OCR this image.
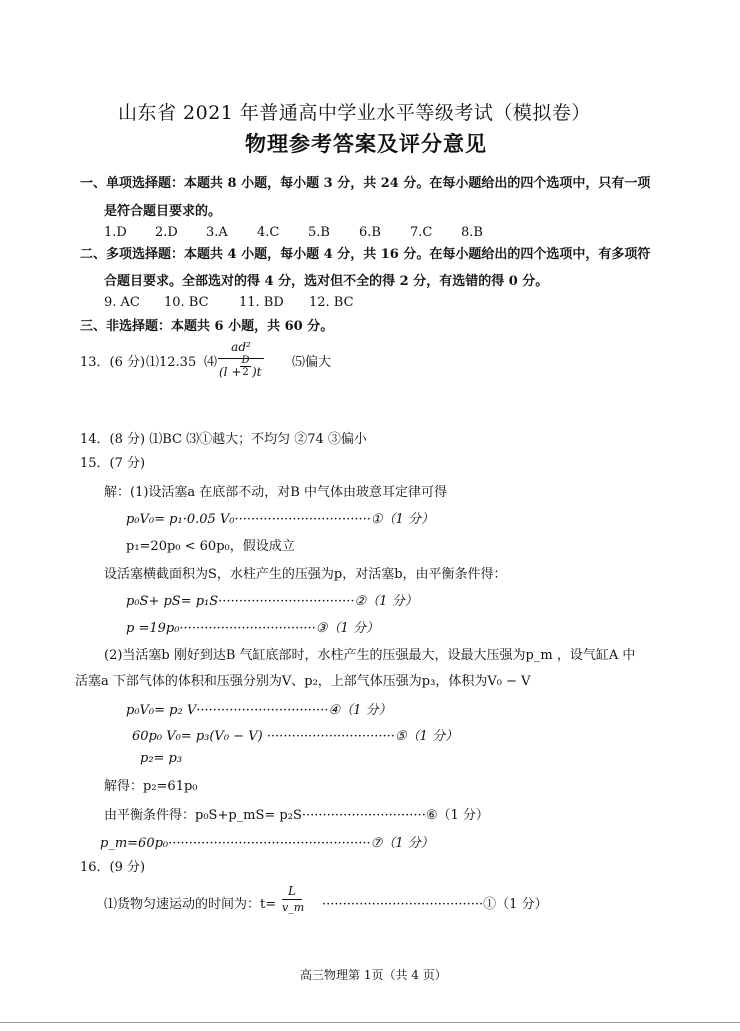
山东省 2021 年普通高中学业水平等级考试（模拟卷）
物理参考答案及评分意见
一、单项选择题：本题共 8 小题，每小题 3 分，共 24 分。在每小题给出的四个选项中，只有一项
是符合题目要求的。
1.D 2.D 3.A 4.C 5.B 6.B 7.C 8.B
二、多项选择题：本题共 4 小题，每小题 4 分，共 16 分。在每小题给出的四个选项中，有多项符
合题目要求。全部选对的得 4 分，选对但不全的得 2 分，有选错的得 0 分。
9. AC 10. BC 11. BD 12. BC
三、非选择题：本题共 6 小题，共 60 分。
13．(6 分) ⑴12.35 ⑷
ad²
(l +
D
2 )t
⑸偏大
14．(8 分) ⑴BC ⑶①越大；不均匀 ②74 ③偏小
15．(7 分)
解：(1)设活塞a 在底部不动，对B 中气体由玻意耳定律可得
p₀V₀= p₁·0.05 V₀·································①（1 分）
p₁=20p₀ < 60p₀，假设成立
设活塞横截面积为S，水柱产生的压强为p，对活塞b，由平衡条件得：
p₀S+ pS= p₁S·································②（1 分）
p =19p₀·································③（1 分）
(2)当活塞b 刚好到达B 气缸底部时，水柱产生的压强最大，设最大压强为p_m ，设气缸A 中
活塞a 下部气体的体积和压强分别为V、p₂，上部气体压强为p₃，体积为V₀ − V
p₀V₀= p₂ V································④（1 分）
60p₀ V₀= p₃(V₀ − V) ·······························⑤（1 分）
p₂= p₃
解得：p₂=61p₀
由平衡条件得：p₀S+p_mS= p₂S······························⑥（1 分）
p_m=60p₀·················································⑦（1 分）
16．(9 分)
⑴货物匀速运动的时间为：t=
L
v_m ·······································①（1 分）
高三物理第 1页（共 4 页）
